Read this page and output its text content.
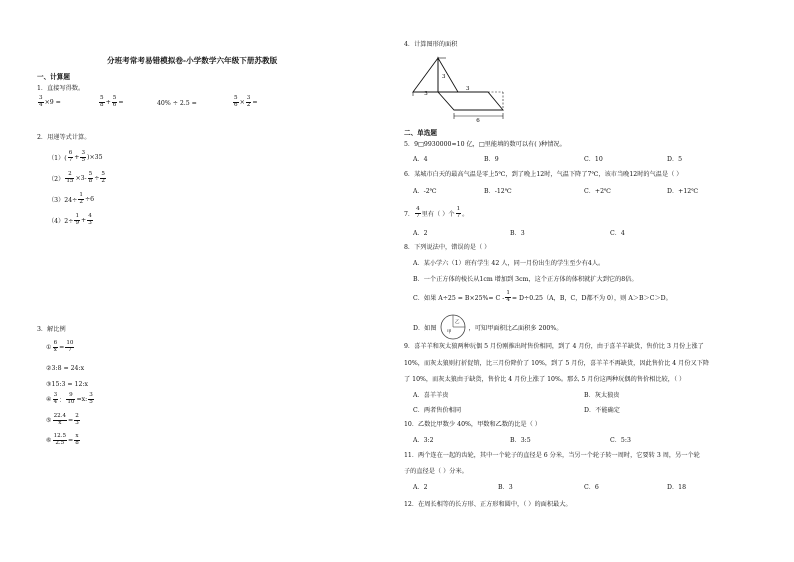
分班考常考易错模拟卷-小学数学六年级下册苏教版
一、计算题
1．直接写得数。
$\frac{3}{4} \times 9$ =	$\frac{5}{8} + \frac{5}{6}$ =	40% ÷ 2.5 =	$\frac{5}{6} \times \frac{3}{2}$ =
2．用递等式计算。
$(1)( \frac{6}{7} + \frac{3}{5} )\times 35$
$(2) \frac{2}{15} \times 3- \frac{5}{8} \div \frac{5}{2}$
$(3)24\div \frac{1}{2} \div 6$
$(4)2\div \frac{1}{9} + \frac{4}{3}$
3．解比例
① $\frac{6}{x} = \frac{10}{7}$
②3:8 = 24:x
③15:3 = 12:x
④ $\frac{3}{4}$ ： $\frac{9}{10} =x$: $\frac{3}{5}$
⑤ $\frac{22.4}{x} = \frac{2}{3}$
⑥ $\frac{12.5}{2.5} = \frac{x}{8}$
4．计算图形的面积
3
3
3
6
二、单选题
5．9□9930000≈10 亿，□里能填的数可以有( )种情况。
A．4	B．9	C．10	D．5
6．某城市白天的最高气温是零上5℃，到了晚上12时，气温下降了7℃，该市当晚12时的气温是（ ）
A．-2℃	B．-12℃	C．+2℃	D．+12℃
7． $\frac{4}{7}$ 里有（ ）个 $\frac{1}{7}$ 。
A．2	B．3	C．4
8．下列说法中，错误的是（ ）
A．某小学六（1）班有学生 42 人，同一月份出生的学生至少有4人。
B．一个正方体的棱长从1cm 增加到 3cm，这个正方体的体积就扩大到它的8倍。
C．如果 $A\div 25 = B\times 25\%= C - \frac{1}{4} = D\div 0.25(A$，B，C，D都不为 0），则 A＞B＞C＞D。
D．如图
乙
甲
，可知甲面积比乙面积多 200%。
9．喜羊羊和灰太狼两种玩偶 5 月份刚推出时售价相同，到了 4 月份，由于喜羊羊缺货，售价比 3 月份上涨了
10%，而灰太狼则打折促销，比三月份降价了 10%，到了 5 月份，喜羊羊不再缺货，因此售价比 4 月份又下降
了 10%，而灰太狼由于缺货，售价比 4 月份上涨了 10%。那么 5 月份这两种玩偶的售价相比较，（ ）
A．喜羊羊贵	B．灰太狼贵
C．两者售价相同	D．不能确定
10．乙数比甲数少 40%，甲数和乙数的比是（ ）
A．3:2	B．3:5	C．5:3
11．两个连在一起的齿轮，其中一个轮子的直径是 6 分米，当另一个轮子转一周时，它要转 3 周，另一个轮
子的直径是（ ）分米。
A．2	B．3	C．6	D．18
12．在周长相等的长方形、正方形和圆中，（ ）的面积最大。
